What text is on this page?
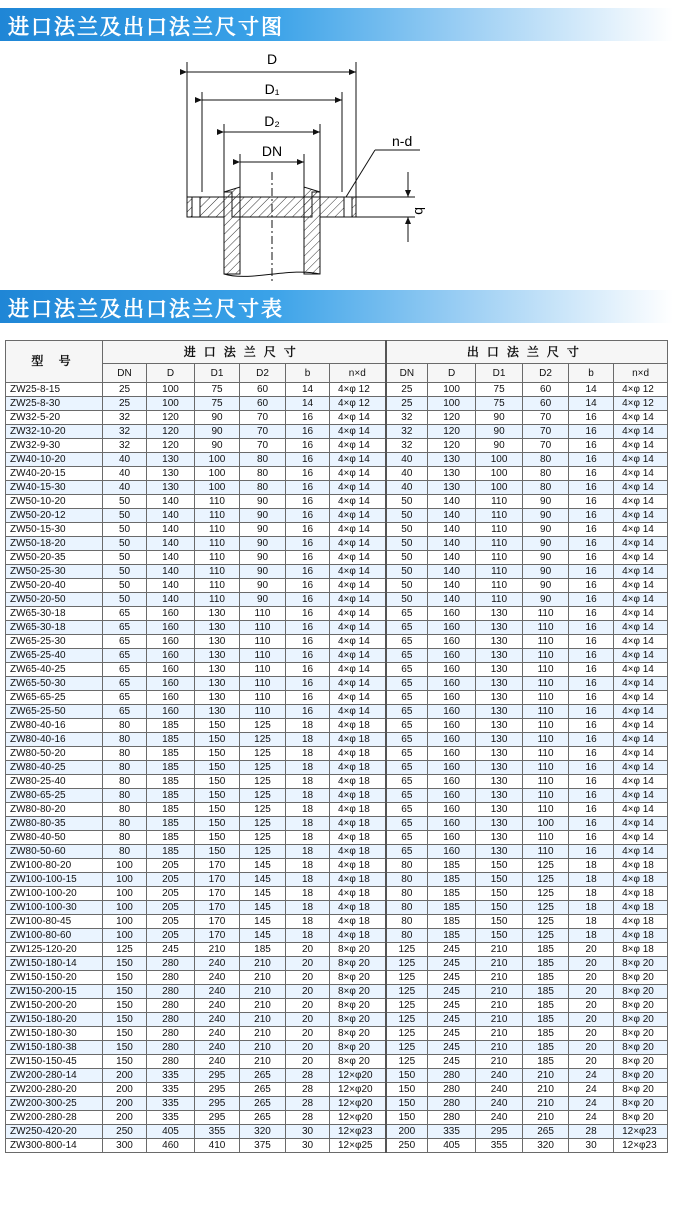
进口法兰及出口法兰尺寸图
D
D₁
D₂
DN
n-d
b
进口法兰及出口法兰尺寸表
型 号	进口法兰尺寸						出口法兰尺寸					
	DN	D	D1	D2	b	n×d	DN	D	D1	D2	b	n×d
ZW25-8-15	25	100	75	60	14	4×φ 12	25	100	75	60	14	4×φ 12
ZW25-8-30	25	100	75	60	14	4×φ 12	25	100	75	60	14	4×φ 12
ZW32-5-20	32	120	90	70	16	4×φ 14	32	120	90	70	16	4×φ 14
ZW32-10-20	32	120	90	70	16	4×φ 14	32	120	90	70	16	4×φ 14
ZW32-9-30	32	120	90	70	16	4×φ 14	32	120	90	70	16	4×φ 14
ZW40-10-20	40	130	100	80	16	4×φ 14	40	130	100	80	16	4×φ 14
ZW40-20-15	40	130	100	80	16	4×φ 14	40	130	100	80	16	4×φ 14
ZW40-15-30	40	130	100	80	16	4×φ 14	40	130	100	80	16	4×φ 14
ZW50-10-20	50	140	110	90	16	4×φ 14	50	140	110	90	16	4×φ 14
ZW50-20-12	50	140	110	90	16	4×φ 14	50	140	110	90	16	4×φ 14
ZW50-15-30	50	140	110	90	16	4×φ 14	50	140	110	90	16	4×φ 14
ZW50-18-20	50	140	110	90	16	4×φ 14	50	140	110	90	16	4×φ 14
ZW50-20-35	50	140	110	90	16	4×φ 14	50	140	110	90	16	4×φ 14
ZW50-25-30	50	140	110	90	16	4×φ 14	50	140	110	90	16	4×φ 14
ZW50-20-40	50	140	110	90	16	4×φ 14	50	140	110	90	16	4×φ 14
ZW50-20-50	50	140	110	90	16	4×φ 14	50	140	110	90	16	4×φ 14
ZW65-30-18	65	160	130	110	16	4×φ 14	65	160	130	110	16	4×φ 14
ZW65-30-18	65	160	130	110	16	4×φ 14	65	160	130	110	16	4×φ 14
ZW65-25-30	65	160	130	110	16	4×φ 14	65	160	130	110	16	4×φ 14
ZW65-25-40	65	160	130	110	16	4×φ 14	65	160	130	110	16	4×φ 14
ZW65-40-25	65	160	130	110	16	4×φ 14	65	160	130	110	16	4×φ 14
ZW65-50-30	65	160	130	110	16	4×φ 14	65	160	130	110	16	4×φ 14
ZW65-65-25	65	160	130	110	16	4×φ 14	65	160	130	110	16	4×φ 14
ZW65-25-50	65	160	130	110	16	4×φ 14	65	160	130	110	16	4×φ 14
ZW80-40-16	80	185	150	125	18	4×φ 18	65	160	130	110	16	4×φ 14
ZW80-40-16	80	185	150	125	18	4×φ 18	65	160	130	110	16	4×φ 14
ZW80-50-20	80	185	150	125	18	4×φ 18	65	160	130	110	16	4×φ 14
ZW80-40-25	80	185	150	125	18	4×φ 18	65	160	130	110	16	4×φ 14
ZW80-25-40	80	185	150	125	18	4×φ 18	65	160	130	110	16	4×φ 14
ZW80-65-25	80	185	150	125	18	4×φ 18	65	160	130	110	16	4×φ 14
ZW80-80-20	80	185	150	125	18	4×φ 18	65	160	130	110	16	4×φ 14
ZW80-80-35	80	185	150	125	18	4×φ 18	65	160	130	100	16	4×φ 14
ZW80-40-50	80	185	150	125	18	4×φ 18	65	160	130	110	16	4×φ 14
ZW80-50-60	80	185	150	125	18	4×φ 18	65	160	130	110	16	4×φ 14
ZW100-80-20	100	205	170	145	18	4×φ 18	80	185	150	125	18	4×φ 18
ZW100-100-15	100	205	170	145	18	4×φ 18	80	185	150	125	18	4×φ 18
ZW100-100-20	100	205	170	145	18	4×φ 18	80	185	150	125	18	4×φ 18
ZW100-100-30	100	205	170	145	18	4×φ 18	80	185	150	125	18	4×φ 18
ZW100-80-45	100	205	170	145	18	4×φ 18	80	185	150	125	18	4×φ 18
ZW100-80-60	100	205	170	145	18	4×φ 18	80	185	150	125	18	4×φ 18
ZW125-120-20	125	245	210	185	20	8×φ 20	125	245	210	185	20	8×φ 18
ZW150-180-14	150	280	240	210	20	8×φ 20	125	245	210	185	20	8×φ 20
ZW150-150-20	150	280	240	210	20	8×φ 20	125	245	210	185	20	8×φ 20
ZW150-200-15	150	280	240	210	20	8×φ 20	125	245	210	185	20	8×φ 20
ZW150-200-20	150	280	240	210	20	8×φ 20	125	245	210	185	20	8×φ 20
ZW150-180-20	150	280	240	210	20	8×φ 20	125	245	210	185	20	8×φ 20
ZW150-180-30	150	280	240	210	20	8×φ 20	125	245	210	185	20	8×φ 20
ZW150-180-38	150	280	240	210	20	8×φ 20	125	245	210	185	20	8×φ 20
ZW150-150-45	150	280	240	210	20	8×φ 20	125	245	210	185	20	8×φ 20
ZW200-280-14	200	335	295	265	28	12×φ20	150	280	240	210	24	8×φ 20
ZW200-280-20	200	335	295	265	28	12×φ20	150	280	240	210	24	8×φ 20
ZW200-300-25	200	335	295	265	28	12×φ20	150	280	240	210	24	8×φ 20
ZW200-280-28	200	335	295	265	28	12×φ20	150	280	240	210	24	8×φ 20
ZW250-420-20	250	405	355	320	30	12×φ23	200	335	295	265	28	12×φ23
ZW300-800-14	300	460	410	375	30	12×φ25	250	405	355	320	30	12×φ23
